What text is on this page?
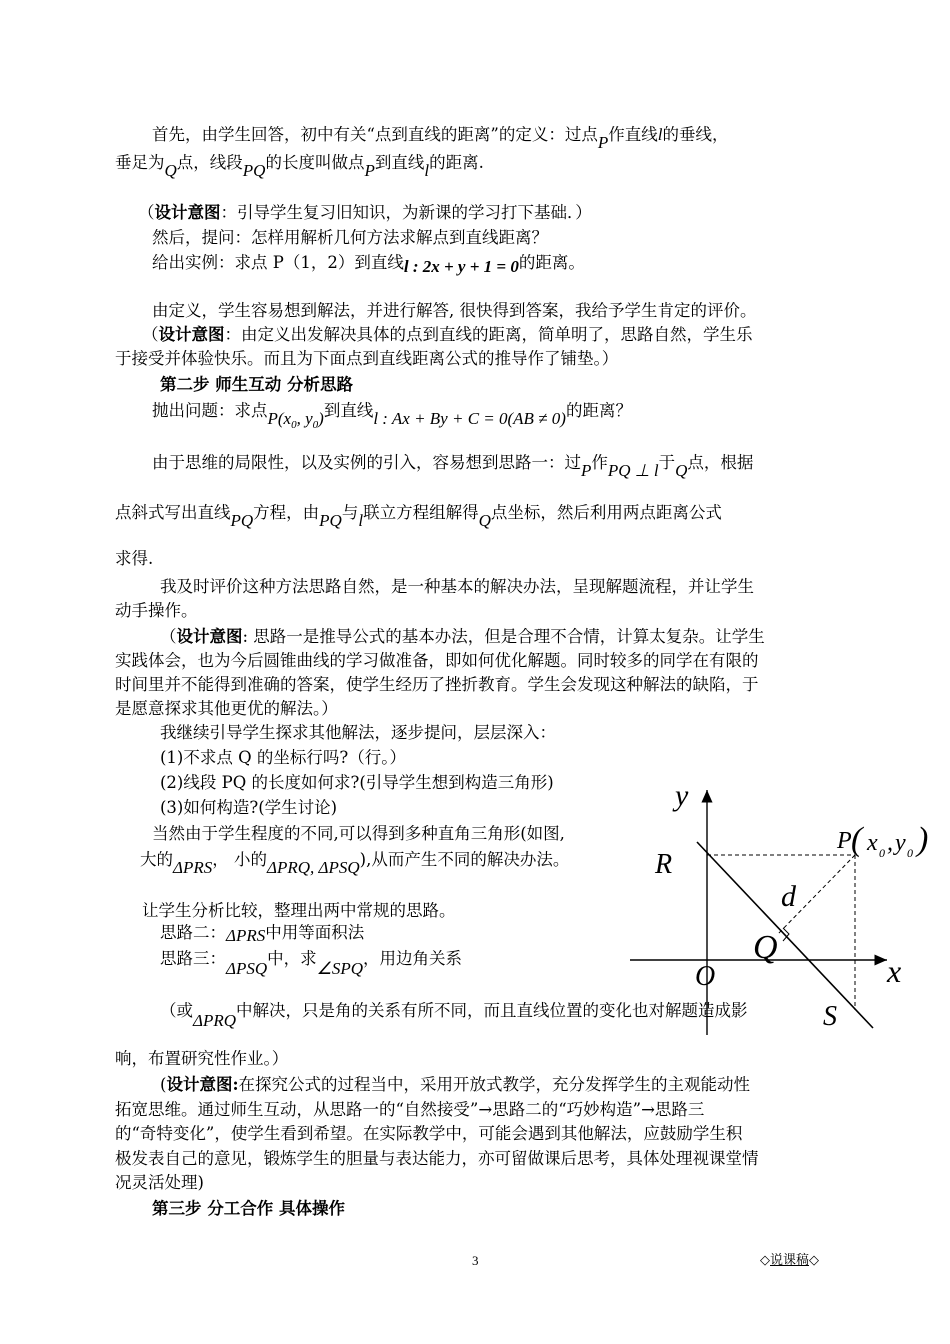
首先，由学生回答，初中有关“点到直线的距离”的定义：过点P作直线l的垂线，
垂足为Q点，线段PQ的长度叫做点P到直线l的距离.
（设计意图：引导学生复习旧知识，为新课的学习打下基础．）
然后，提问：怎样用解析几何方法求解点到直线距离？
给出实例：求点 P（1，2）到直线l : 2x + y + 1 = 0的距离。
由定义，学生容易想到解法，并进行解答, 很快得到答案，我给予学生肯定的评价。
（设计意图：由定义出发解决具体的点到直线的距离，简单明了，思路自然，学生乐
于接受并体验快乐。而且为下面点到直线距离公式的推导作了铺垫。）
第二步 师生互动 分析思路
抛出问题：求点$P(x_0$, $y_0$)到直线l : Ax + By + C = 0(AB ≠ 0)的距离？
由于思维的局限性，以及实例的引入，容易想到思路一：过P作PQ ⊥ l于Q点，根据
点斜式写出直线PQ方程，由PQ与l联立方程组解得Q点坐标，然后利用两点距离公式
求得.
我及时评价这种方法思路自然，是一种基本的解决办法，呈现解题流程，并让学生
动手操作。
（设计意图: 思路一是推导公式的基本办法，但是合理不合情，计算太复杂。让学生
实践体会，也为今后圆锥曲线的学习做准备，即如何优化解题。同时较多的同学在有限的
时间里并不能得到准确的答案，使学生经历了挫折教育。学生会发现这种解法的缺陷，于
是愿意探求其他更优的解法。）
我继续引导学生探求其他解法，逐步提问，层层深入：
(1)不求点 Q 的坐标行吗?（行。）
(2)线段 PQ 的长度如何求?(引导学生想到构造三角形)
(3)如何构造?(学生讨论)
当然由于学生程度的不同,可以得到多种直角三角形(如图,
大的ΔPRS， 小的ΔPRQ, ΔPSQ),从而产生不同的解决办法。
让学生分析比较，整理出两中常规的思路。
思路二：ΔPRS中用等面积法
思路三：ΔPSQ中，求∠SPQ，用边角关系
（或ΔPRQ中解决，只是角的关系有所不同，而且直线位置的变化也对解题造成影
响，布置研究性作业。）
(设计意图:在探究公式的过程当中，采用开放式教学，充分发挥学生的主观能动性
拓宽思维。通过师生互动，从思路一的“自然接受”→思路二的“巧妙构造”→思路三
的“奇特变化”，使学生看到希望。在实际教学中，可能会遇到其他解法，应鼓励学生积
极发表自己的意见，锻炼学生的胆量与表达能力，亦可留做课后思考，具体处理视课堂情
况灵活处理)
第三步 分工合作 具体操作
y
x
O
R
Q
S
d
P ( x 0 , y 0 )
3	◇说课稿◇
